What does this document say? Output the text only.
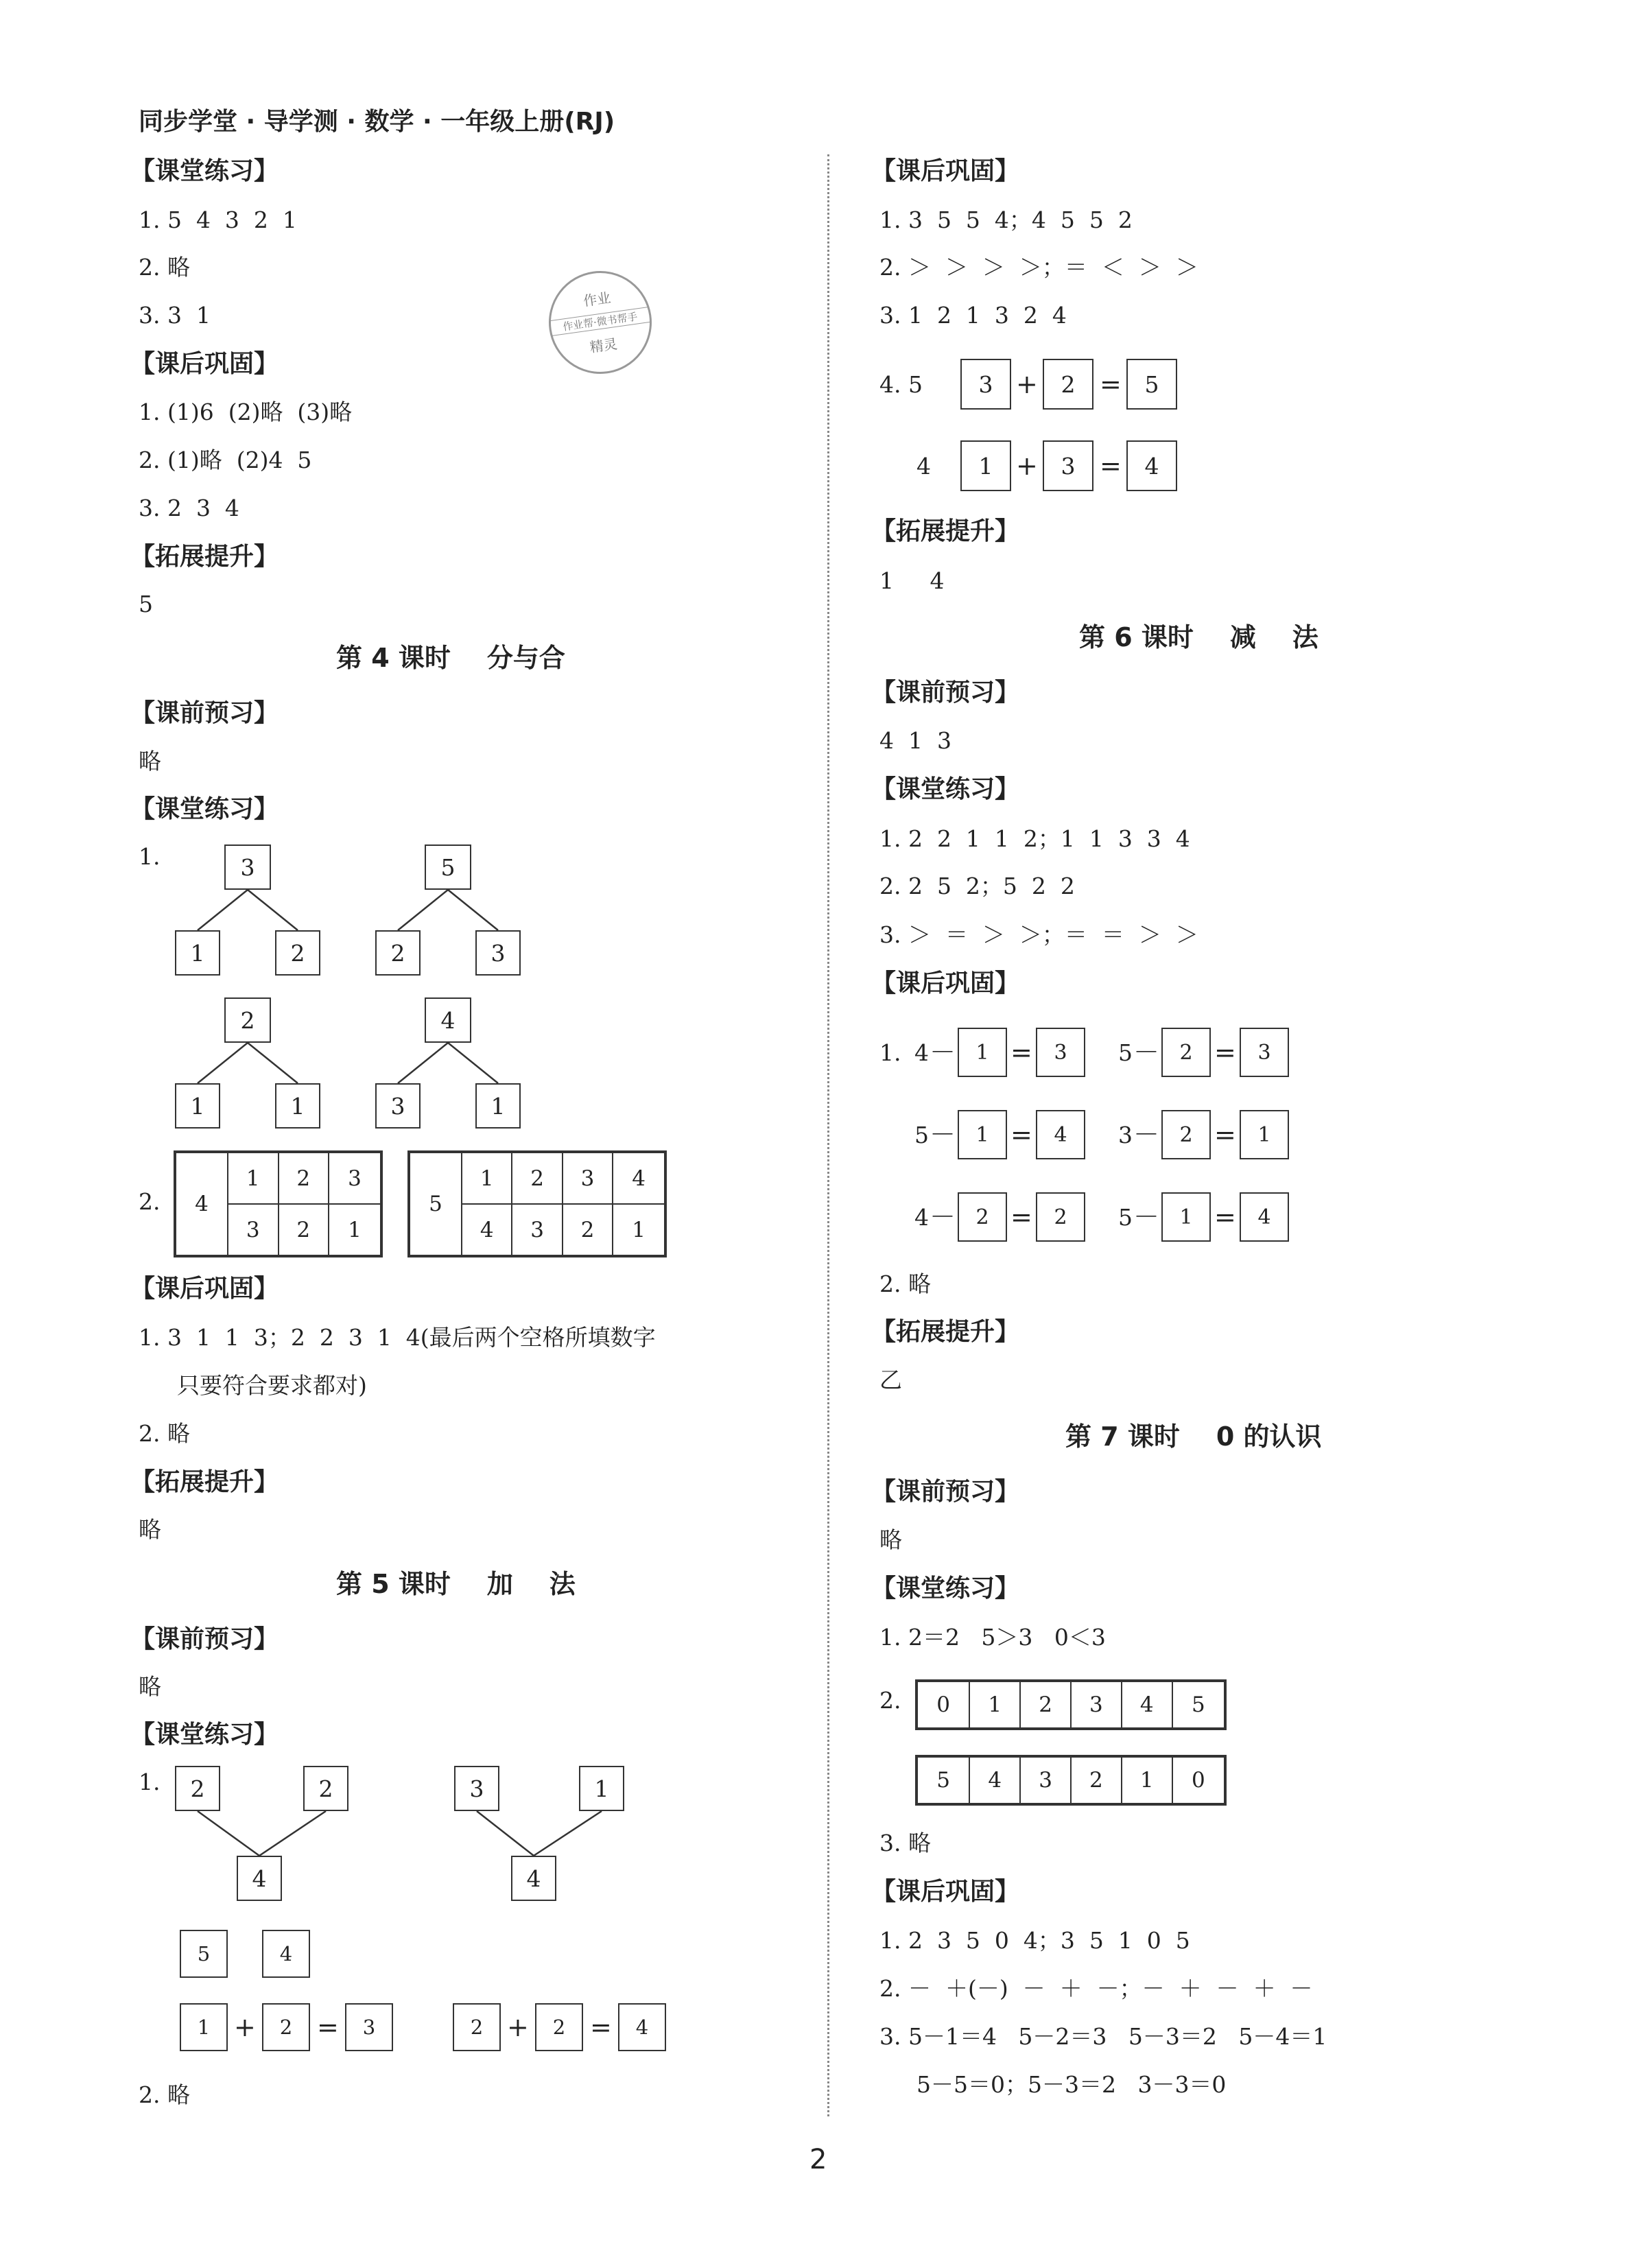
同步学堂 · 导学测 · 数学 · 一年级上册(RJ)
作业
作业帮·微书帮手
精灵
【课堂练习】
1. 5  4  3  2  1
2. 略
3. 3  1
【课后巩固】
1. (1)6  (2)略  (3)略
2. (1)略  (2)4  5
3. 2  3  4
【拓展提升】
5
第 4 课时    分与合
【课前预习】
略
【课堂练习】
1.	3
1	2
5
2	3
2
1	1
4
3	1
2. 4	1	2	3
	3	2	1
5	1	2	3	4
	4	3	2	1
【课后巩固】
1. 3  1  1  3；2  2  3  1  4(最后两个空格所填数字
只要符合要求都对)
2. 略
【拓展提升】
略
第 5 课时    加    法
【课前预习】
略
【课堂练习】
1.	2	2
4
3	1
4
5	4
1 +	2 =	3	2 +	2 =	4
2. 略
【课后巩固】
1. 3  5  5  4；4  5  5  2
2. ＞  ＞  ＞  ＞；＝  ＜  ＞  ＞
3. 1  2  1  3  2  4
4. 5	3 +	2 =	5
4	1 +	3 =	4
【拓展提升】
1     4
第 6 课时    减    法
【课前预习】
4  1  3
【课堂练习】
1. 2  2  1  1  2；1  1  3  3  4
2. 2  5  2；5  2  2
3. ＞  ＝  ＞  ＞；＝  ＝  ＞  ＞
【课后巩固】
1. 4 － 1 =	3	5 － 2 =	3
5 － 1 =	4	3 － 2 =	1
4 － 2 =	2	5 － 1 =	4
2. 略
【拓展提升】
乙
第 7 课时    0 的认识
【课前预习】
略
【课堂练习】
1. 2＝2   5＞3   0＜3
2. 0	1	2	3	4	5
5	4	3	2	1	0
3. 略
【课后巩固】
1. 2  3  5  0  4；3  5  1  0  5
2. －  ＋(－)  －  ＋  －；－  ＋  －  ＋  －
3. 5－1＝4   5－2＝3   5－3＝2   5－4＝1
5－5＝0；5－3＝2   3－3＝0
2
